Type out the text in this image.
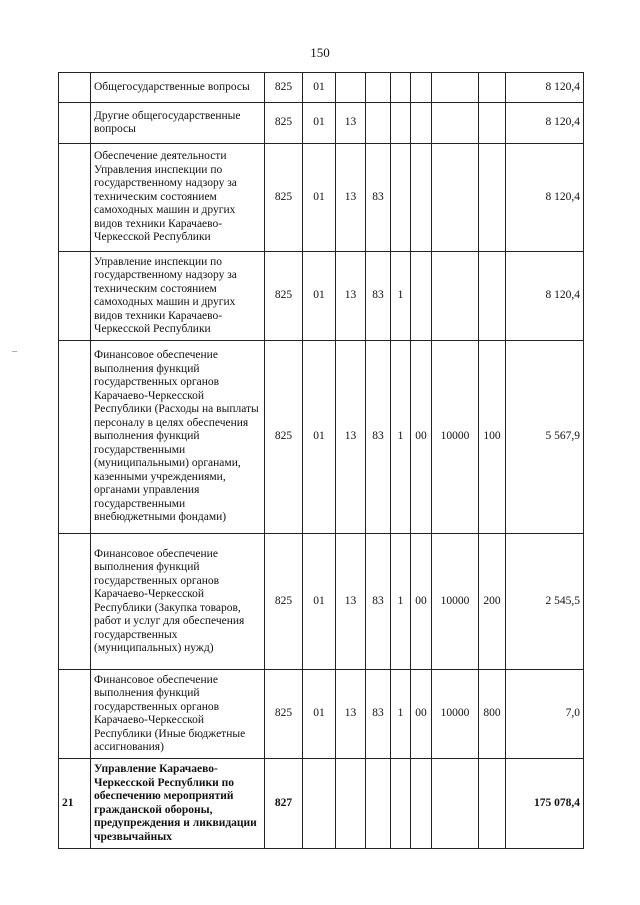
150
–
	Общегосударственные вопросы	825	01							8 120,4
	Другие общегосударственные вопросы	825	01	13						8 120,4
	Обеспечение деятельности Управления инспекции по государственному надзору за техническим состоянием самоходных машин и других видов техники Карачаево-Черкесской Республики	825	01	13	83					8 120,4
	Управление инспекции по государственному надзору за техническим состоянием самоходных машин и других видов техники Карачаево-Черкесской Республики	825	01	13	83	1				8 120,4
	Финансовое обеспечение выполнения функций государственных органов Карачаево-Черкесской Республики (Расходы на выплаты персоналу в целях обеспечения выполнения функций государственными (муниципальными) органами, казенными учреждениями, органами управления государственными внебюджетными фондами)	825	01	13	83	1	00	10000	100	5 567,9
	Финансовое обеспечение выполнения функций государственных органов Карачаево-Черкесской Республики (Закупка товаров, работ и услуг для обеспечения государственных (муниципальных) нужд)	825	01	13	83	1	00	10000	200	2 545,5
	Финансовое обеспечение выполнения функций государственных органов Карачаево-Черкесской Республики (Иные бюджетные ассигнования)	825	01	13	83	1	00	10000	800	7,0
21	Управление Карачаево-Черкесской Республики по обеспечению мероприятий гражданской обороны, предупреждения и ликвидации чрезвычайных	827								175 078,4
